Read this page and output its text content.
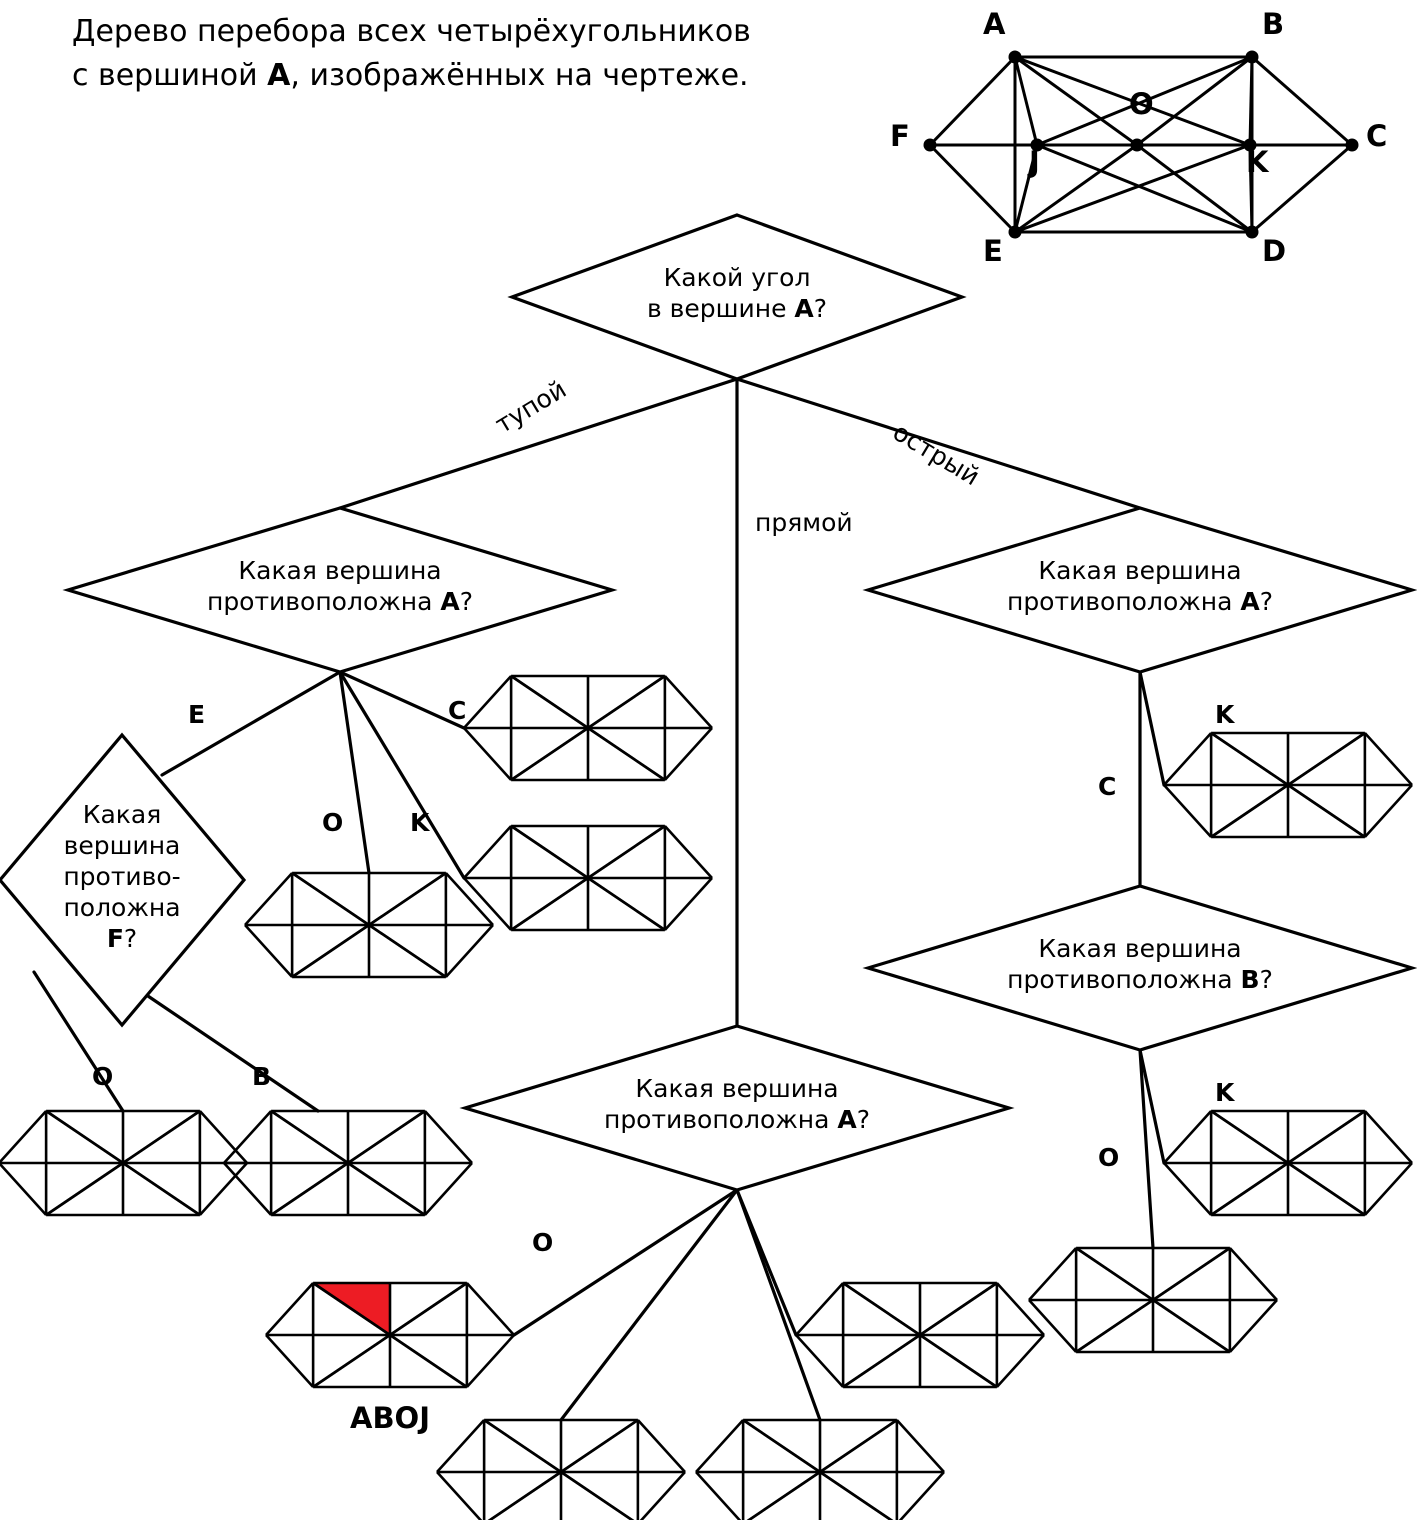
Дерево перебора всех четырёхугольников
с вершиной A, изображённых на чертеже.
A	B
O
F	C
J	K
E	D
Какой угол
в вершине A?
Какая вершина
противоположна A?
Какая вершина
противоположна A?
Какая
вершина
противо-
положна
F?	Какая вершина
противоположна B?
Какая вершина
противоположна A?
ABOJ
тупой
острый
прямой
E	C
O	K
O	B
K
C
K
O
O
